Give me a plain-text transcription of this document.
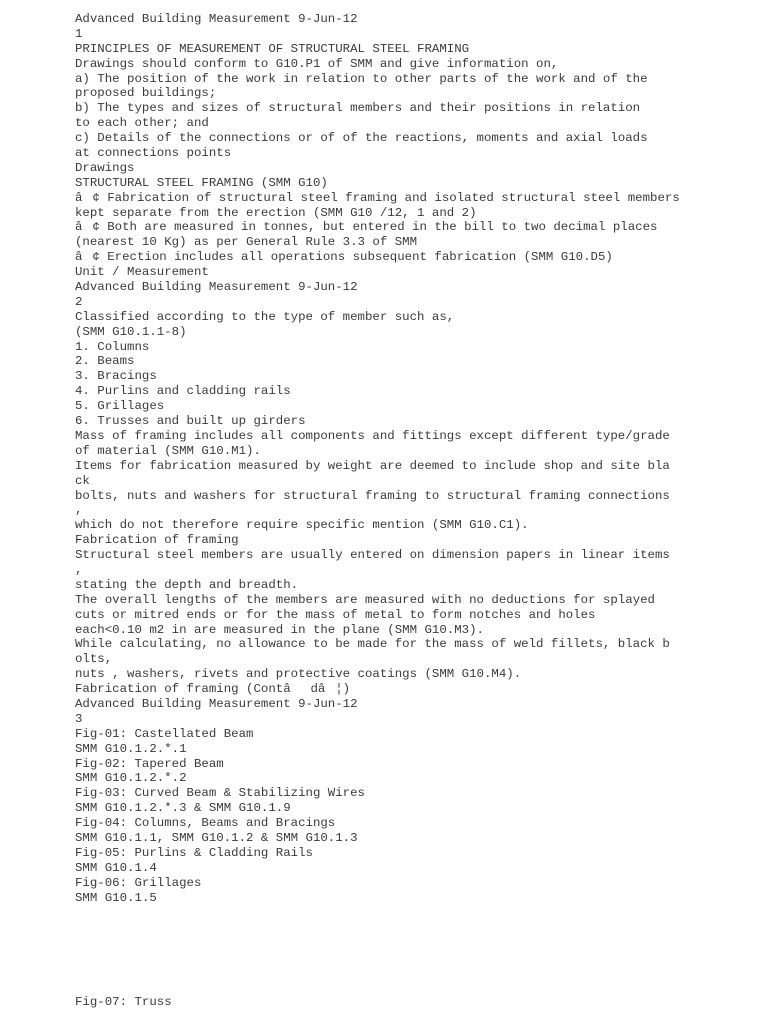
Advanced Building Measurement 9-Jun-12
1
PRINCIPLES OF MEASUREMENT OF STRUCTURAL STEEL FRAMING
Drawings should conform to G10.P1 of SMM and give information on,
a) The position of the work in relation to other parts of the work and of the
proposed buildings;
b) The types and sizes of structural members and their positions in relation
to each other; and
c) Details of the connections or of of the reactions, moments and axial loads
at connections points
Drawings
STRUCTURAL STEEL FRAMING (SMM G10)
â¢ Fabrication of structural steel framing and isolated structural steel members
kept separate from the erection (SMM G10 /12, 1 and 2)
â¢ Both are measured in tonnes, but entered in the bill to two decimal places
(nearest 10 Kg) as per General Rule 3.3 of SMM
â¢ Erection includes all operations subsequent fabrication (SMM G10.D5)
Unit / Measurement
Advanced Building Measurement 9-Jun-12
2
Classified according to the type of member such as,
(SMM G10.1.1-8)
1. Columns
2. Beams
3. Bracings
4. Purlins and cladding rails
5. Grillages
6. Trusses and built up girders
Mass of framing includes all components and fittings except different type/grade
of material (SMM G10.M1).
Items for fabrication measured by weight are deemed to include shop and site bla
ck
bolts, nuts and washers for structural framing to structural framing connections
,
which do not therefore require specific mention (SMM G10.C1).
Fabrication of framing
Structural steel members are usually entered on dimension papers in linear items
,
stating the depth and breadth.
The overall lengths of the members are measured with no deductions for splayed
cuts or mitred ends or for the mass of metal to form notches and holes
each<0.10 m2 in are measured in the plane (SMM G10.M3).
While calculating, no allowance to be made for the mass of weld fillets, black b
olts,
nuts , washers, rivets and protective coatings (SMM G10.M4).
Fabrication of framing (Contâdâ¦)
Advanced Building Measurement 9-Jun-12
3
Fig-01: Castellated Beam
SMM G10.1.2.*.1
Fig-02: Tapered Beam
SMM G10.1.2.*.2
Fig-03: Curved Beam & Stabilizing Wires
SMM G10.1.2.*.3 & SMM G10.1.9
Fig-04: Columns, Beams and Bracings
SMM G10.1.1, SMM G10.1.2 & SMM G10.1.3
Fig-05: Purlins & Cladding Rails
SMM G10.1.4
Fig-06: Grillages
SMM G10.1.5
Fig-07: Truss
